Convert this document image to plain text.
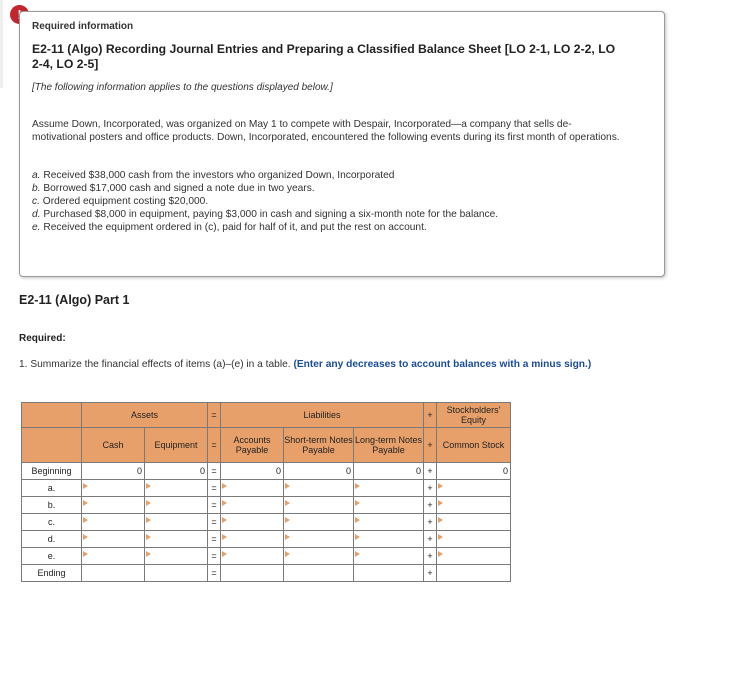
Required information
E2-11 (Algo) Recording Journal Entries and Preparing a Classified Balance Sheet [LO 2-1, LO 2-2, LO 2-4, LO 2-5]
[The following information applies to the questions displayed below.]
Assume Down, Incorporated, was organized on May 1 to compete with Despair, Incorporated—a company that sells de-motivational posters and office products. Down, Incorporated, encountered the following events during its first month of operations.
a. Received $38,000 cash from the investors who organized Down, Incorporated
b. Borrowed $17,000 cash and signed a note due in two years.
c. Ordered equipment costing $20,000.
d. Purchased $8,000 in equipment, paying $3,000 in cash and signing a six-month note for the balance.
e. Received the equipment ordered in (c), paid for half of it, and put the rest on account.
E2-11 (Algo) Part 1
Required:
1. Summarize the financial effects of items (a)–(e) in a table. (Enter any decreases to account balances with a minus sign.)
	Assets		=	Liabilities			+	Stockholders' Equity
	Cash	Equipment	=	Accounts Payable	Short-term Notes Payable	Long-term Notes Payable	+	Common Stock
Beginning	0	0	=	0	0	0	+	0
a.			=				+	

b.			=				+	

c.			=				+	

d.			=				+	

e.			=				+	

Ending			=				+	
